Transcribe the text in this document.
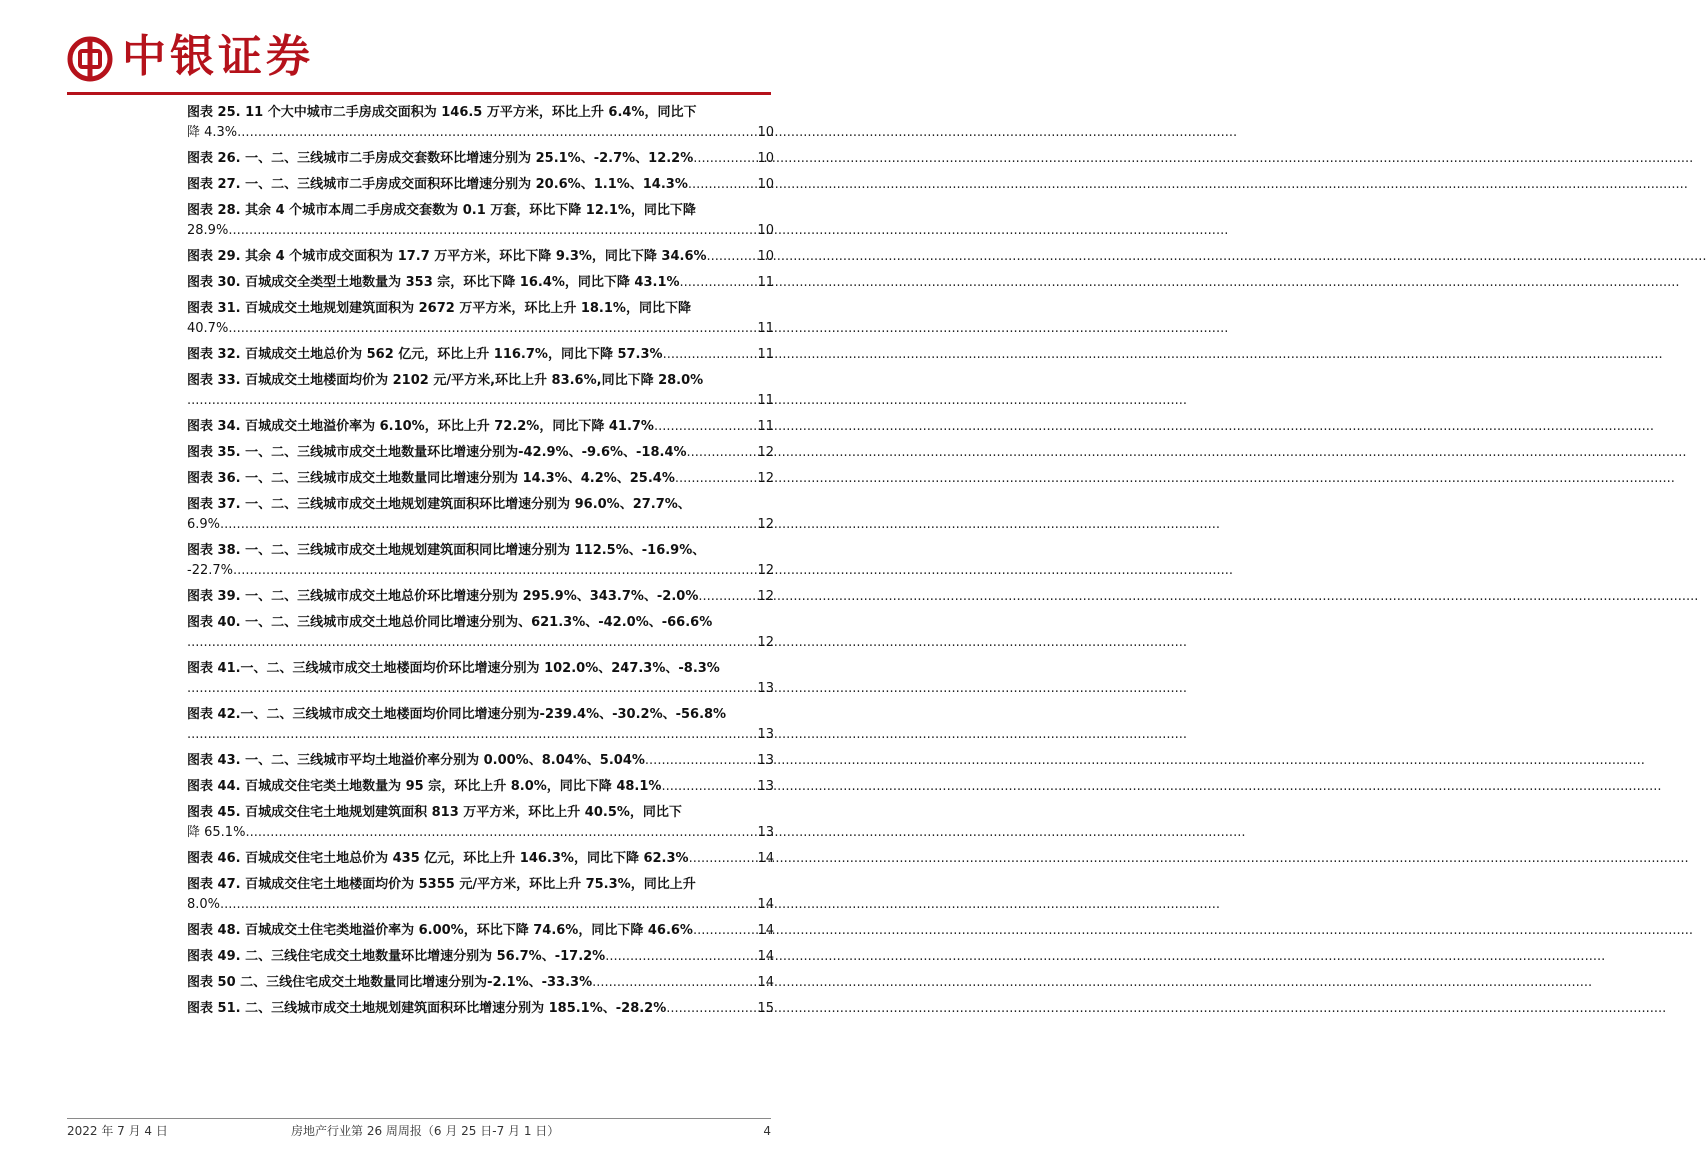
中银证券
图表 25. 11 个大中城市二手房成交面积为 146.5 万平方米，环比上升 6.4%，同比下
降 4.3% .....	10
图表 26. 一、二、三线城市二手房成交套数环比增速分别为 25.1%、-2.7%、12.2% .....	10
图表 27. 一、二、三线城市二手房成交面积环比增速分别为 20.6%、1.1%、14.3% .....	10
图表 28. 其余 4 个城市本周二手房成交套数为 0.1 万套，环比下降 12.1%，同比下降
28.9% .....	10
图表 29. 其余 4 个城市成交面积为 17.7 万平方米，环比下降 9.3%，同比下降 34.6% .....	10
图表 30. 百城成交全类型土地数量为 353 宗，环比下降 16.4%，同比下降 43.1% .....	11
图表 31. 百城成交土地规划建筑面积为 2672 万平方米，环比上升 18.1%，同比下降
40.7% .....	11
图表 32. 百城成交土地总价为 562 亿元，环比上升 116.7%，同比下降 57.3% .....	11
图表 33. 百城成交土地楼面均价为 2102 元/平方米,环比上升 83.6%,同比下降 28.0%
.....
11
图表 34. 百城成交土地溢价率为 6.10%，环比上升 72.2%，同比下降 41.7% .....	11
图表 35. 一、二、三线城市成交土地数量环比增速分别为-42.9%、-9.6%、-18.4% .....	12
图表 36. 一、二、三线城市成交土地数量同比增速分别为 14.3%、4.2%、25.4% .....	12
图表 37. 一、二、三线城市成交土地规划建筑面积环比增速分别为 96.0%、27.7%、
6.9% .....	12
图表 38. 一、二、三线城市成交土地规划建筑面积同比增速分别为 112.5%、-16.9%、
-22.7% .....	12
图表 39. 一、二、三线城市成交土地总价环比增速分别为 295.9%、343.7%、-2.0% .....	12
图表 40. 一、二、三线城市成交土地总价同比增速分别为、621.3%、-42.0%、-66.6%
.....
12
图表 41.一、二、三线城市成交土地楼面均价环比增速分别为 102.0%、247.3%、-8.3%
.....
13
图表 42.一、二、三线城市成交土地楼面均价同比增速分别为-239.4%、-30.2%、-56.8%
.....
13
图表 43. 一、二、三线城市平均土地溢价率分别为 0.00%、8.04%、5.04% .....	13
图表 44. 百城成交住宅类土地数量为 95 宗，环比上升 8.0%，同比下降 48.1% .....	13
图表 45. 百城成交住宅土地规划建筑面积 813 万平方米，环比上升 40.5%，同比下
降 65.1% .....	13
图表 46. 百城成交住宅土地总价为 435 亿元，环比上升 146.3%，同比下降 62.3% .....	14
图表 47. 百城成交住宅土地楼面均价为 5355 元/平方米，环比上升 75.3%，同比上升
8.0% .....	14
图表 48. 百城成交土住宅类地溢价率为 6.00%，环比下降 74.6%，同比下降 46.6% .....	14
图表 49. 二、三线住宅成交土地数量环比增速分别为 56.7%、-17.2% .....	14
图表 50 二、三线住宅成交土地数量同比增速分别为-2.1%、-33.3% .....	14
图表 51. 二、三线城市成交土地规划建筑面积环比增速分别为 185.1%、-28.2% .....	15
2022 年 7 月 4 日	房地产行业第 26 周周报（6 月 25 日-7 月 1 日）	4
